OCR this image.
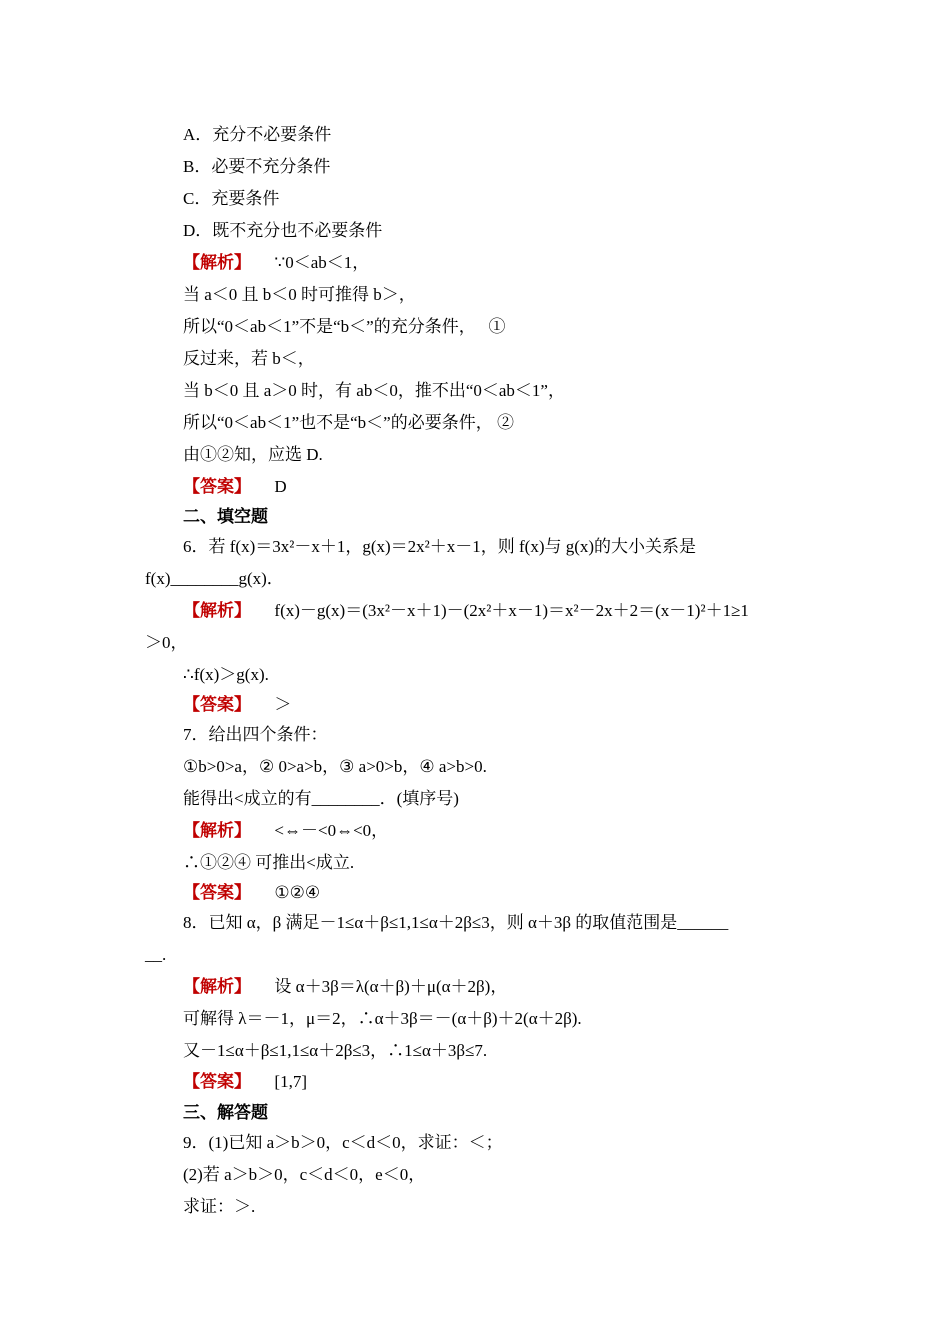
A．充分不必要条件
B．必要不充分条件
C．充要条件
D．既不充分也不必要条件
【解析】 ∵0＜ab＜1，
当 a＜0 且 b＜0 时可推得 b＞，
所以“0＜ab＜1”不是“b＜”的充分条件，　 ①
反过来，若 b＜，
当 b＜0 且 a＞0 时，有 ab＜0，推不出“0＜ab＜1”，
所以“0＜ab＜1”也不是“b＜”的必要条件， ②
由①②知，应选 D.
【答案】 D
二、填空题
6．若 f(x)＝3x²－x＋1，g(x)＝2x²＋x－1，则 f(x)与 g(x)的大小关系是
f(x)________g(x)．
【解析】 f(x)－g(x)＝(3x²－x＋1)－(2x²＋x－1)＝x²－2x＋2＝(x－1)²＋1≥1
＞0，
∴f(x)＞g(x).
【答案】 ＞
7．给出四个条件：
①b>0>a，② 0>a>b，③ a>0>b，④ a>b>0.
能得出<成立的有________．(填序号)
【解析】 <⇔－<0⇔<0，
∴①②④ 可推出<成立.
【答案】 ①②④
8．已知 α，β 满足－1≤α＋β≤1,1≤α＋2β≤3，则 α＋3β 的取值范围是______
__.
【解析】 设 α＋3β＝λ(α＋β)＋μ(α＋2β)，
可解得 λ＝－1，μ＝2，∴α＋3β＝－(α＋β)＋2(α＋2β).
又－1≤α＋β≤1,1≤α＋2β≤3，∴1≤α＋3β≤7.
【答案】 [1,7]
三、解答题
9．(1)已知 a＞b＞0，c＜d＜0，求证：＜；
(2)若 a＞b＞0，c＜d＜0，e＜0，
求证：＞.
